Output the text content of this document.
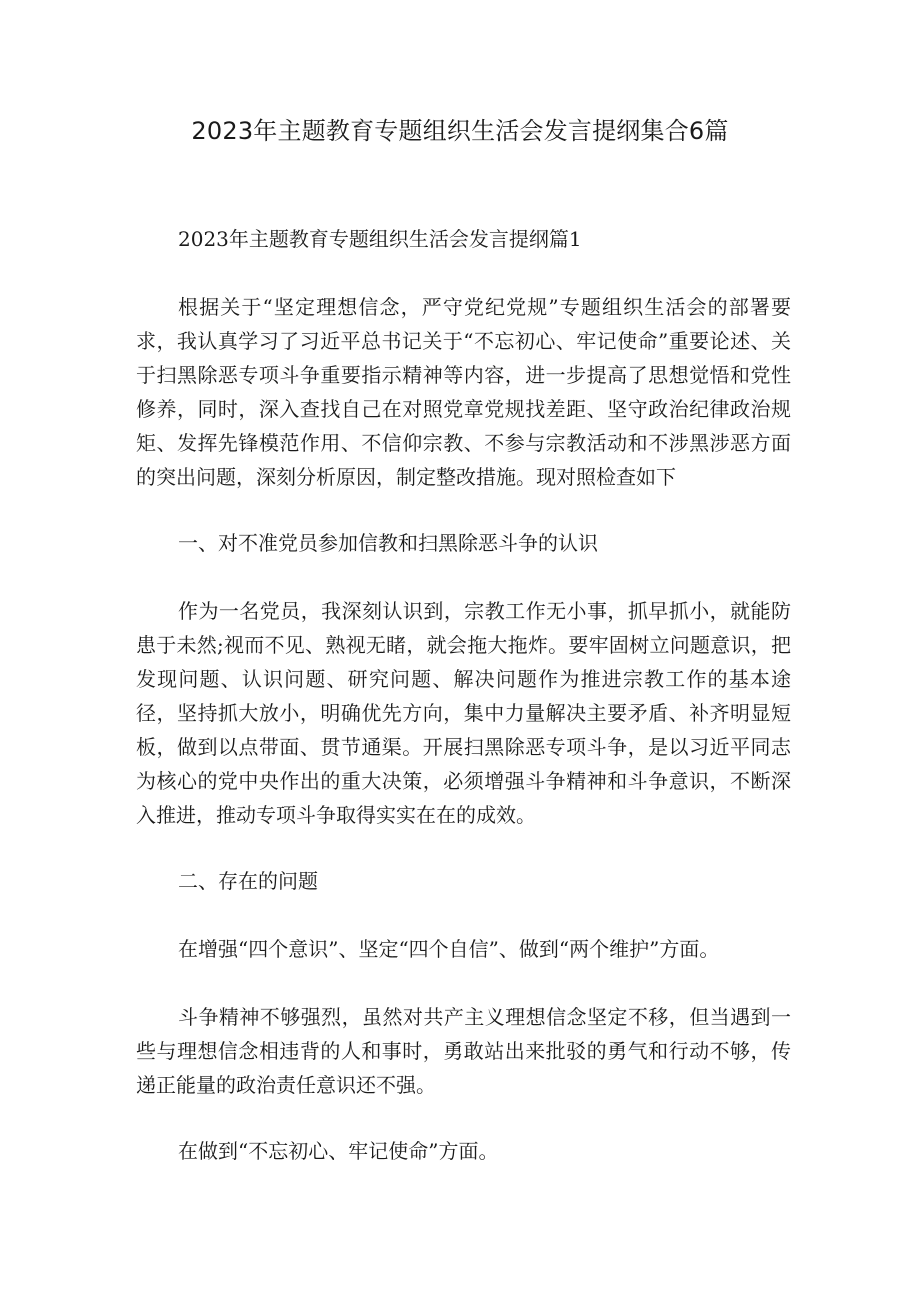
2023年主题教育专题组织生活会发言提纲集合6篇

2023年主题教育专题组织生活会发言提纲篇1

根据关于“坚定理想信念，严守党纪党规”专题组织生活会的部署要求，我认真学习了习近平总书记关于“不忘初心、牢记使命”重要论述、关于扫黑除恶专项斗争重要指示精神等内容，进一步提高了思想觉悟和党性修养，同时，深入查找自己在对照党章党规找差距、坚守政治纪律政治规矩、发挥先锋模范作用、不信仰宗教、不参与宗教活动和不涉黑涉恶方面的突出问题，深刻分析原因，制定整改措施。现对照检查如下

一、对不准党员参加信教和扫黑除恶斗争的认识

作为一名党员，我深刻认识到，宗教工作无小事，抓早抓小，就能防患于未然;视而不见、熟视无睹，就会拖大拖炸。要牢固树立问题意识，把发现问题、认识问题、研究问题、解决问题作为推进宗教工作的基本途径，坚持抓大放小，明确优先方向，集中力量解决主要矛盾、补齐明显短板，做到以点带面、贯节通渠。开展扫黑除恶专项斗争，是以习近平同志为核心的党中央作出的重大决策，必须增强斗争精神和斗争意识，不断深入推进，推动专项斗争取得实实在在的成效。

二、存在的问题

在增强“四个意识”、坚定“四个自信”、做到“两个维护”方面。

斗争精神不够强烈，虽然对共产主义理想信念坚定不移，但当遇到一些与理想信念相违背的人和事时，勇敢站出来批驳的勇气和行动不够，传递正能量的政治责任意识还不强。

在做到“不忘初心、牢记使命”方面。
